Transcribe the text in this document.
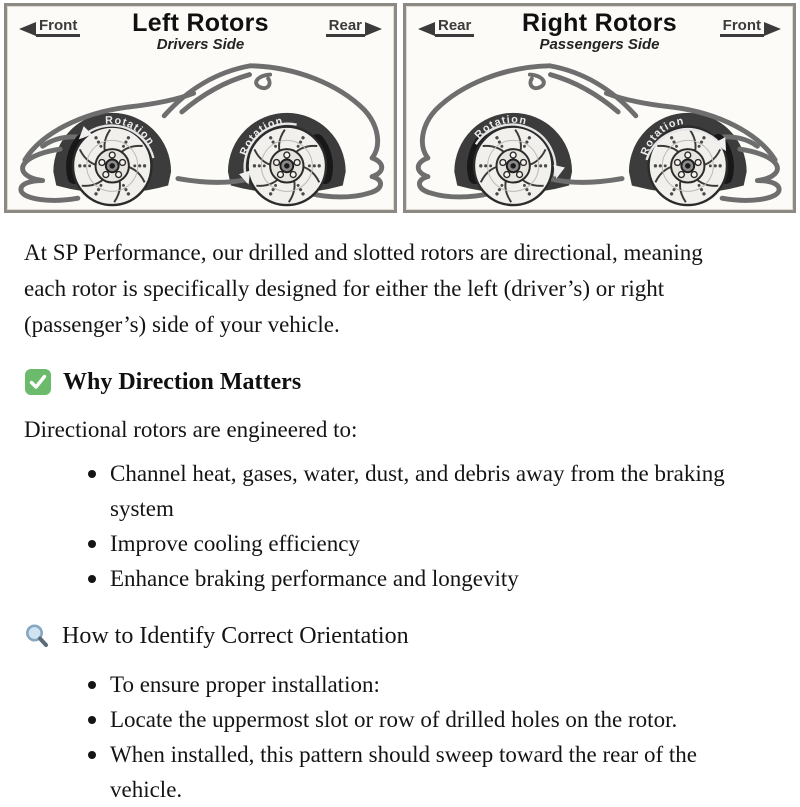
Front	Left Rotors
Drivers Side
Rear
Rotation
Rotation
Rear	Right Rotors
Passengers Side
Front
Rotation
Rotation

At SP Performance, our drilled and slotted rotors are directional, meaning each rotor is specifically designed for either the left (driver’s) or right (passenger’s) side of your vehicle.

Why Direction Matters

Directional rotors are engineered to:

Channel heat, gases, water, dust, and debris away from the braking system
Improve cooling efficiency
Enhance braking performance and longevity
How to Identify Correct Orientation
To ensure proper installation:
Locate the uppermost slot or row of drilled holes on the rotor.
When installed, this pattern should sweep toward the rear of the vehicle.
